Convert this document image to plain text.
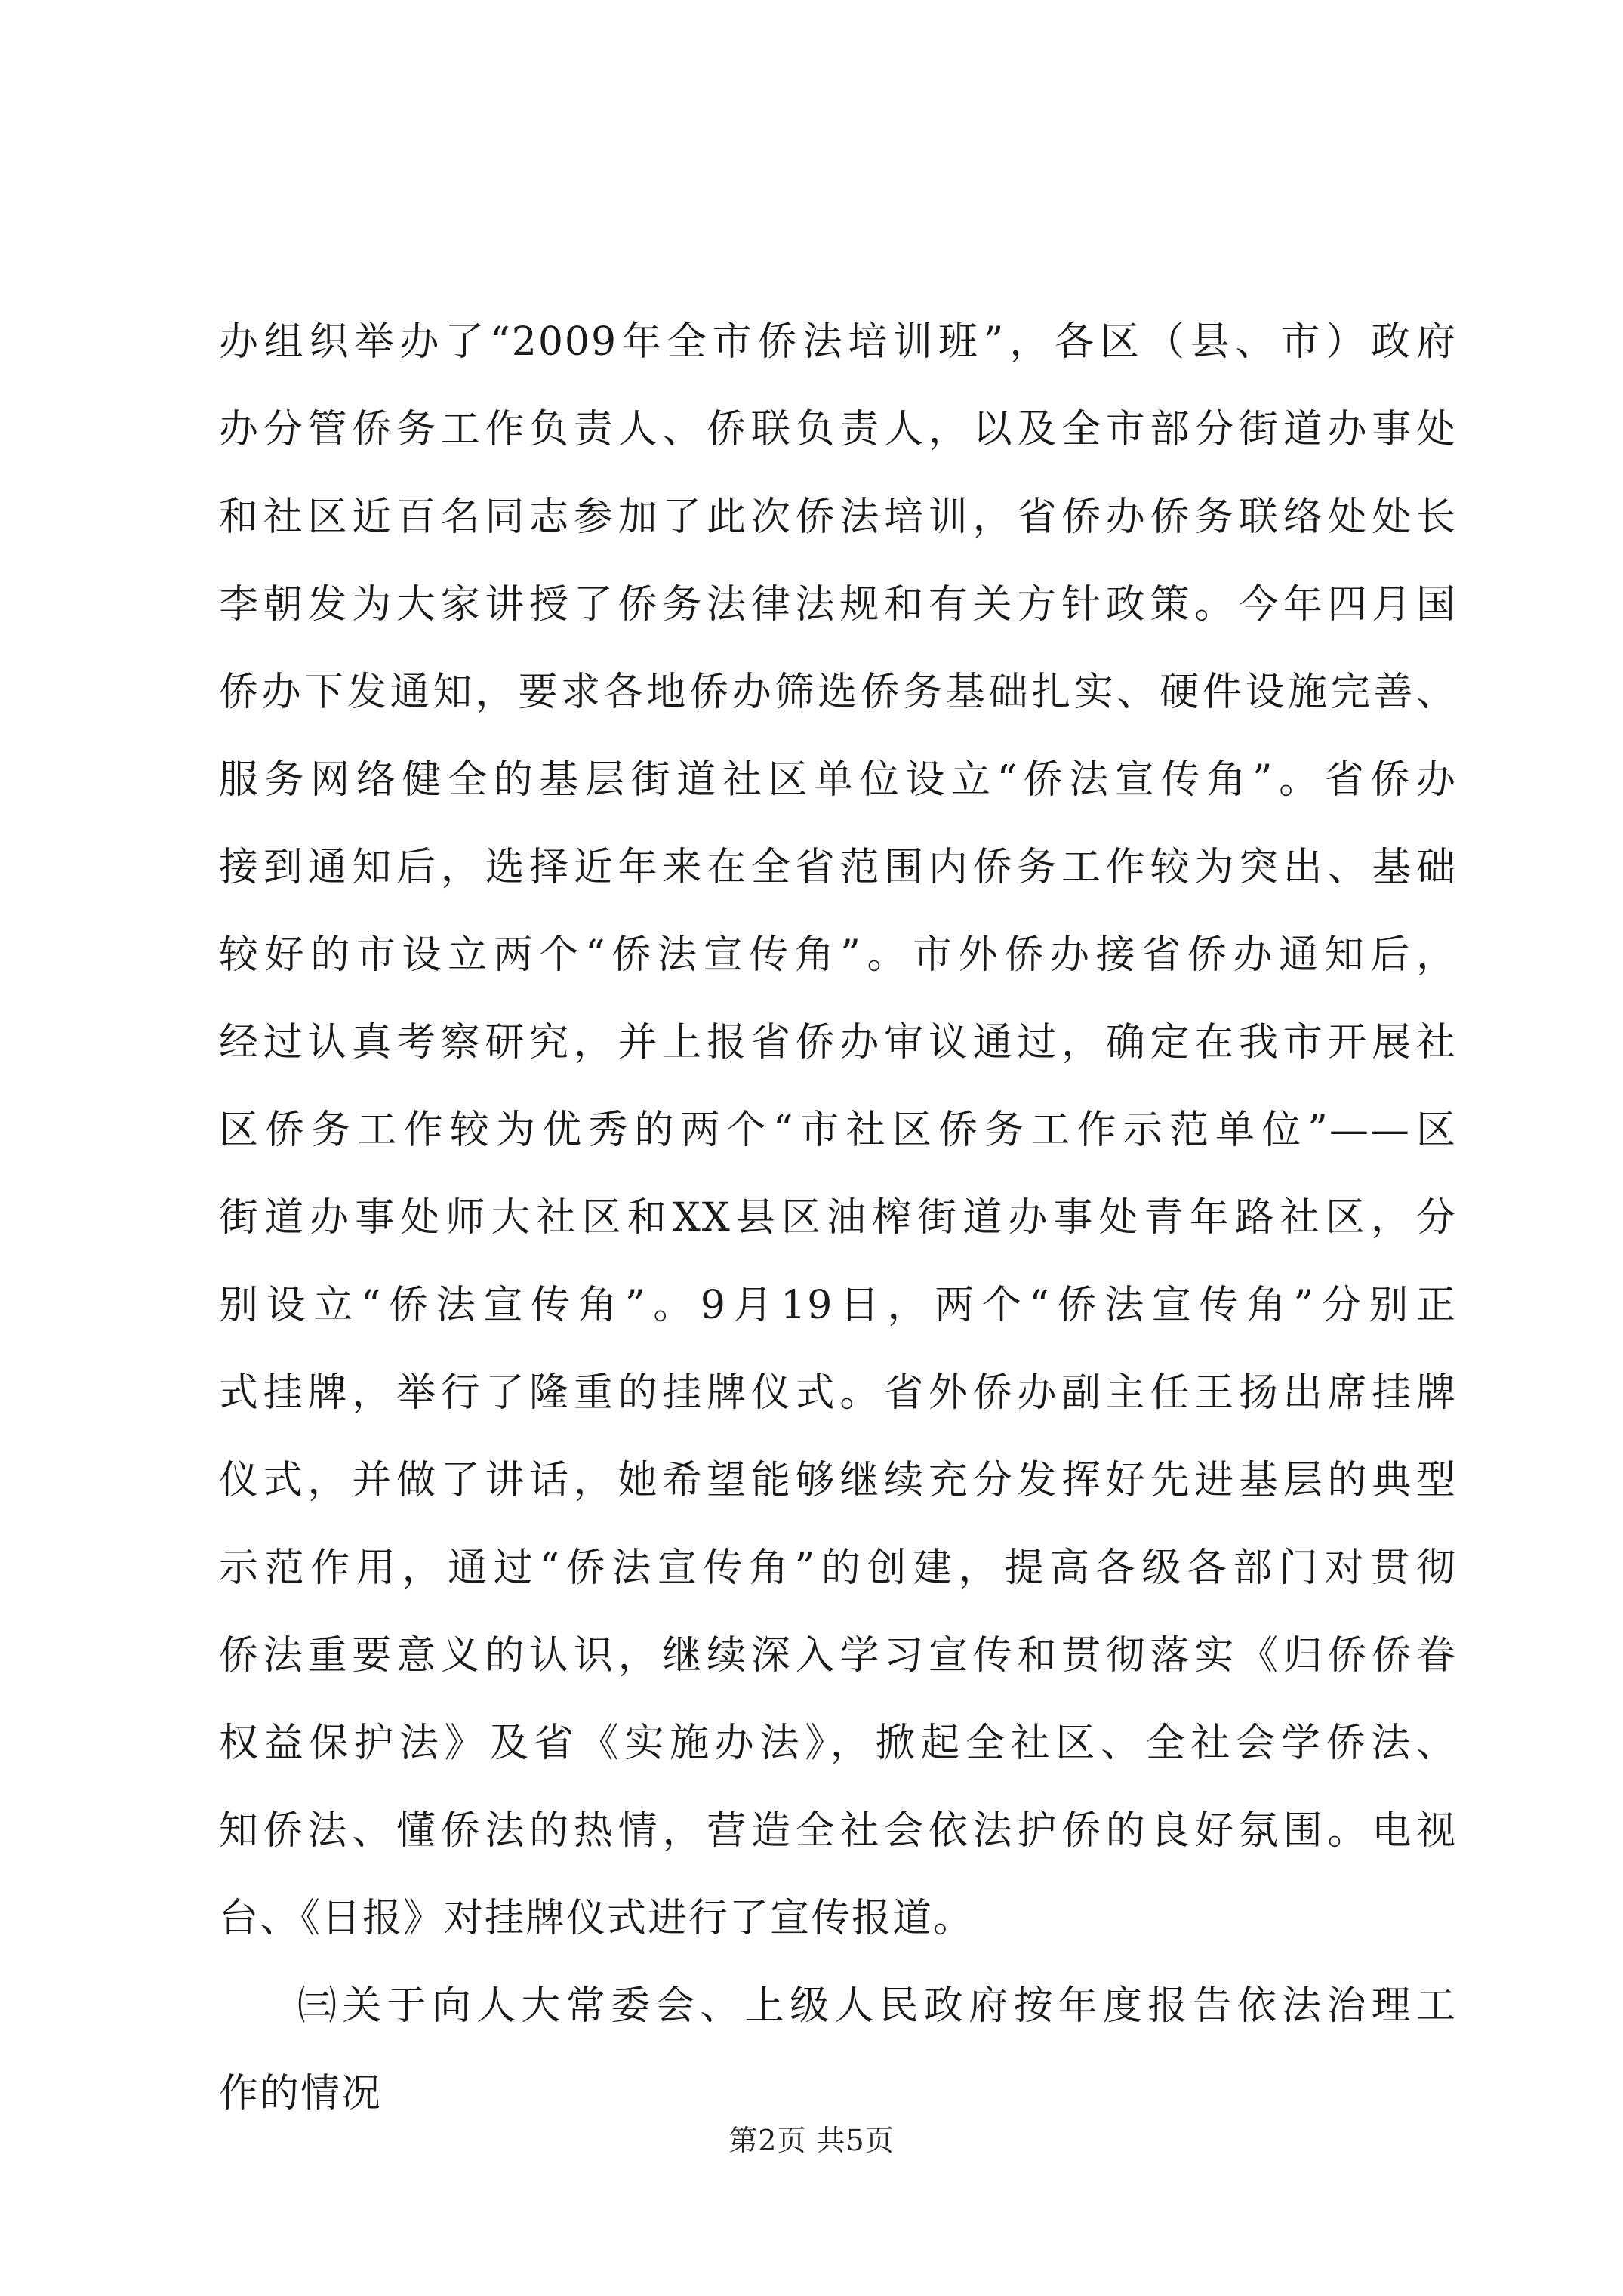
办组织举办了“2009年全市侨法培训班”，各区（县、市）政府
办分管侨务工作负责人、侨联负责人，以及全市部分街道办事处
和社区近百名同志参加了此次侨法培训，省侨办侨务联络处处长
李朝发为大家讲授了侨务法律法规和有关方针政策。今年四月国
侨办下发通知，要求各地侨办筛选侨务基础扎实、硬件设施完善、
服务网络健全的基层街道社区单位设立“侨法宣传角”。省侨办
接到通知后，选择近年来在全省范围内侨务工作较为突出、基础
较好的市设立两个“侨法宣传角”。市外侨办接省侨办通知后，
经过认真考察研究，并上报省侨办审议通过，确定在我市开展社
区侨务工作较为优秀的两个“市社区侨务工作示范单位”——区
街道办事处师大社区和XX县区油榨街道办事处青年路社区，分
别设立“侨法宣传角”。9月19日，两个“侨法宣传角”分别正
式挂牌，举行了隆重的挂牌仪式。省外侨办副主任王扬出席挂牌
仪式，并做了讲话，她希望能够继续充分发挥好先进基层的典型
示范作用，通过“侨法宣传角”的创建，提高各级各部门对贯彻
侨法重要意义的认识，继续深入学习宣传和贯彻落实《归侨侨眷
权益保护法》及省《实施办法》，掀起全社区、全社会学侨法、
知侨法、懂侨法的热情，营造全社会依法护侨的良好氛围。电视
台、《日报》对挂牌仪式进行了宣传报道。
㈢关于向人大常委会、上级人民政府按年度报告依法治理工
作的情况
第2页 共5页
